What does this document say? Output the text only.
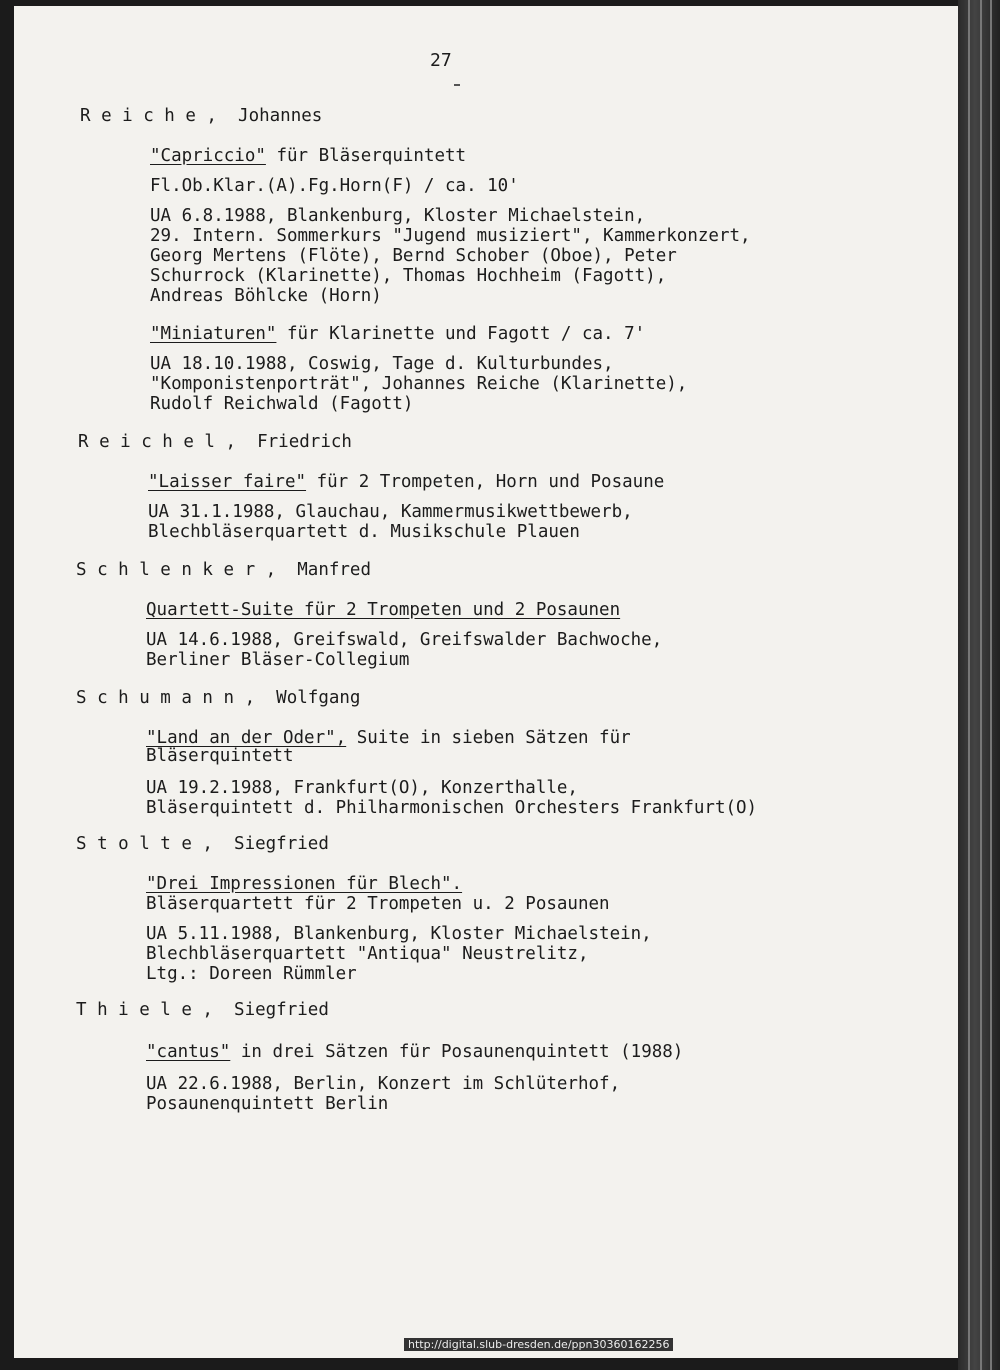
27
R e i c h e ,  Johannes
"Capriccio" für Bläserquintett
Fl.Ob.Klar.(A).Fg.Horn(F) / ca. 10'
UA 6.8.1988, Blankenburg, Kloster Michaelstein,
29. Intern. Sommerkurs "Jugend musiziert", Kammerkonzert,
Georg Mertens (Flöte), Bernd Schober (Oboe), Peter
Schurrock (Klarinette), Thomas Hochheim (Fagott),
Andreas Böhlcke (Horn)
"Miniaturen" für Klarinette und Fagott / ca. 7'
UA 18.10.1988, Coswig, Tage d. Kulturbundes,
"Komponistenporträt", Johannes Reiche (Klarinette),
Rudolf Reichwald (Fagott)
R e i c h e l ,  Friedrich
"Laisser faire" für 2 Trompeten, Horn und Posaune
UA 31.1.1988, Glauchau, Kammermusikwettbewerb,
Blechbläserquartett d. Musikschule Plauen
S c h l e n k e r ,  Manfred
Quartett-Suite für 2 Trompeten und 2 Posaunen
UA 14.6.1988, Greifswald, Greifswalder Bachwoche,
Berliner Bläser-Collegium
S c h u m a n n ,  Wolfgang
"Land an der Oder", Suite in sieben Sätzen für
Bläserquintett
UA 19.2.1988, Frankfurt(O), Konzerthalle,
Bläserquintett d. Philharmonischen Orchesters Frankfurt(O)
S t o l t e ,  Siegfried
"Drei Impressionen für Blech".
Bläserquartett für 2 Trompeten u. 2 Posaunen
UA 5.11.1988, Blankenburg, Kloster Michaelstein,
Blechbläserquartett "Antiqua" Neustrelitz,
Ltg.: Doreen Rümmler
T h i e l e ,  Siegfried
"cantus" in drei Sätzen für Posaunenquintett (1988)
UA 22.6.1988, Berlin, Konzert im Schlüterhof,
Posaunenquintett Berlin
http://digital.slub-dresden.de/ppn30360162256
